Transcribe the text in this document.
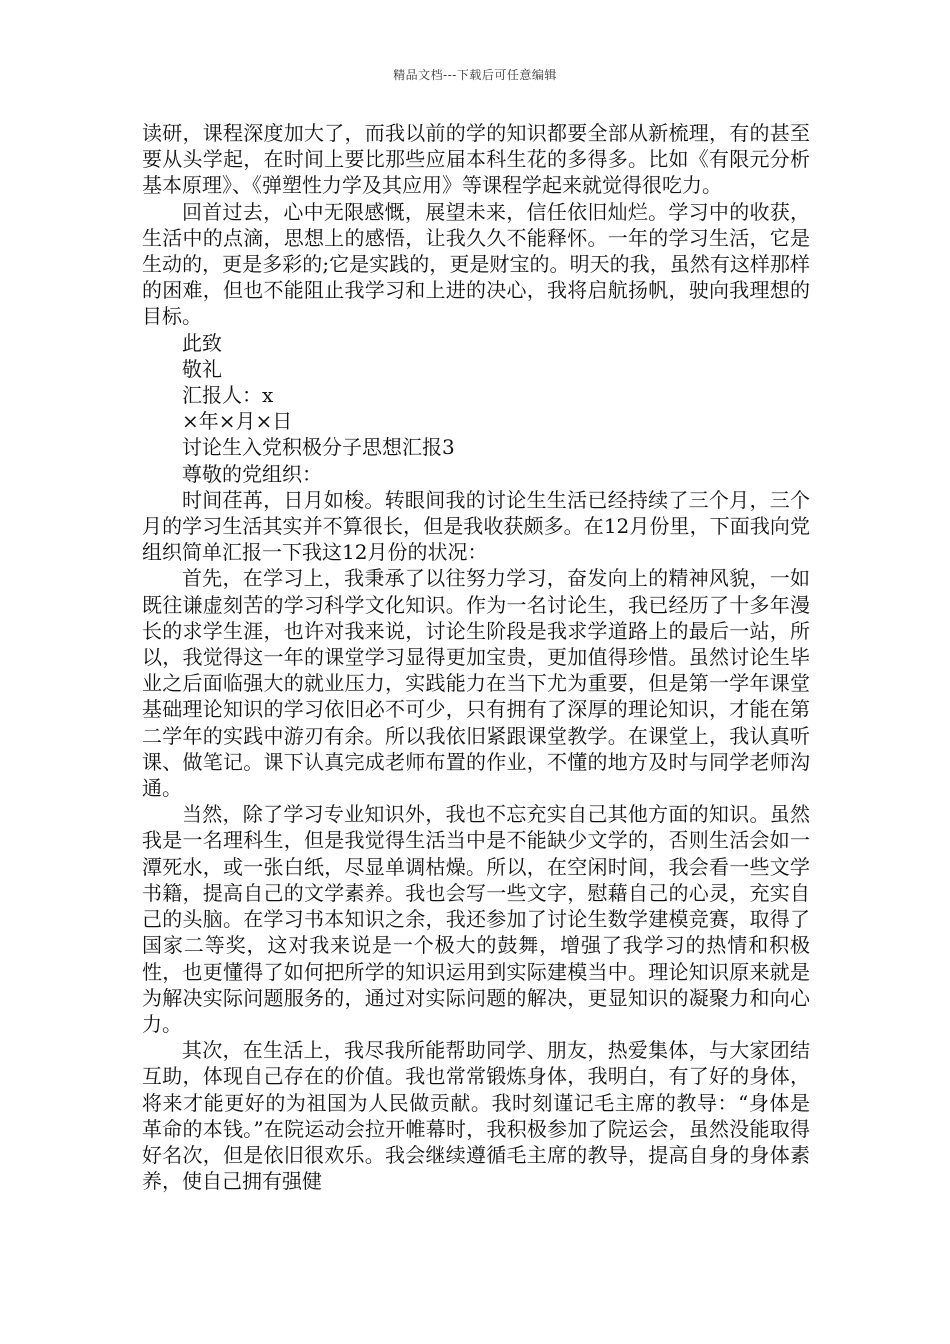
精品文档---下载后可任意编辑

读研，课程深度加大了，而我以前的学的知识都要全部从新梳理，有的甚至要从头学起，在时间上要比那些应届本科生花的多得多。比如《有限元分析基本原理》、《弹塑性力学及其应用》等课程学起来就觉得很吃力。

回首过去，心中无限感慨，展望未来，信任依旧灿烂。学习中的收获，生活中的点滴，思想上的感悟，让我久久不能释怀。一年的学习生活，它是生动的，更是多彩的;它是实践的，更是财宝的。明天的我，虽然有这样那样的困难，但也不能阻止我学习和上进的决心，我将启航扬帆，驶向我理想的目标。

此致

敬礼

汇报人：x

×年×月×日

讨论生入党积极分子思想汇报3

尊敬的党组织：

时间荏苒，日月如梭。转眼间我的讨论生生活已经持续了三个月，三个月的学习生活其实并不算很长，但是我收获颇多。在12月份里，下面我向党组织简单汇报一下我这12月份的状况：

首先，在学习上，我秉承了以往努力学习，奋发向上的精神风貌，一如既往谦虚刻苦的学习科学文化知识。作为一名讨论生，我已经历了十多年漫长的求学生涯，也许对我来说，讨论生阶段是我求学道路上的最后一站，所以，我觉得这一年的课堂学习显得更加宝贵，更加值得珍惜。虽然讨论生毕业之后面临强大的就业压力，实践能力在当下尤为重要，但是第一学年课堂基础理论知识的学习依旧必不可少，只有拥有了深厚的理论知识，才能在第二学年的实践中游刃有余。所以我依旧紧跟课堂教学。在课堂上，我认真听课、做笔记。课下认真完成老师布置的作业，不懂的地方及时与同学老师沟通。

当然，除了学习专业知识外，我也不忘充实自己其他方面的知识。虽然我是一名理科生，但是我觉得生活当中是不能缺少文学的，否则生活会如一潭死水，或一张白纸，尽显单调枯燥。所以，在空闲时间，我会看一些文学书籍，提高自己的文学素养。我也会写一些文字，慰藉自己的心灵，充实自己的头脑。在学习书本知识之余，我还参加了讨论生数学建模竞赛，取得了国家二等奖，这对我来说是一个极大的鼓舞，增强了我学习的热情和积极性，也更懂得了如何把所学的知识运用到实际建模当中。理论知识原来就是为解决实际问题服务的，通过对实际问题的解决，更显知识的凝聚力和向心力。

其次，在生活上，我尽我所能帮助同学、朋友，热爱集体，与大家团结互助，体现自己存在的价值。我也常常锻炼身体，我明白，有了好的身体，将来才能更好的为祖国为人民做贡献。我时刻谨记毛主席的教导：“身体是革命的本钱。”在院运动会拉开帷幕时，我积极参加了院运会，虽然没能取得好名次，但是依旧很欢乐。我会继续遵循毛主席的教导，提高自身的身体素养，使自己拥有强健
